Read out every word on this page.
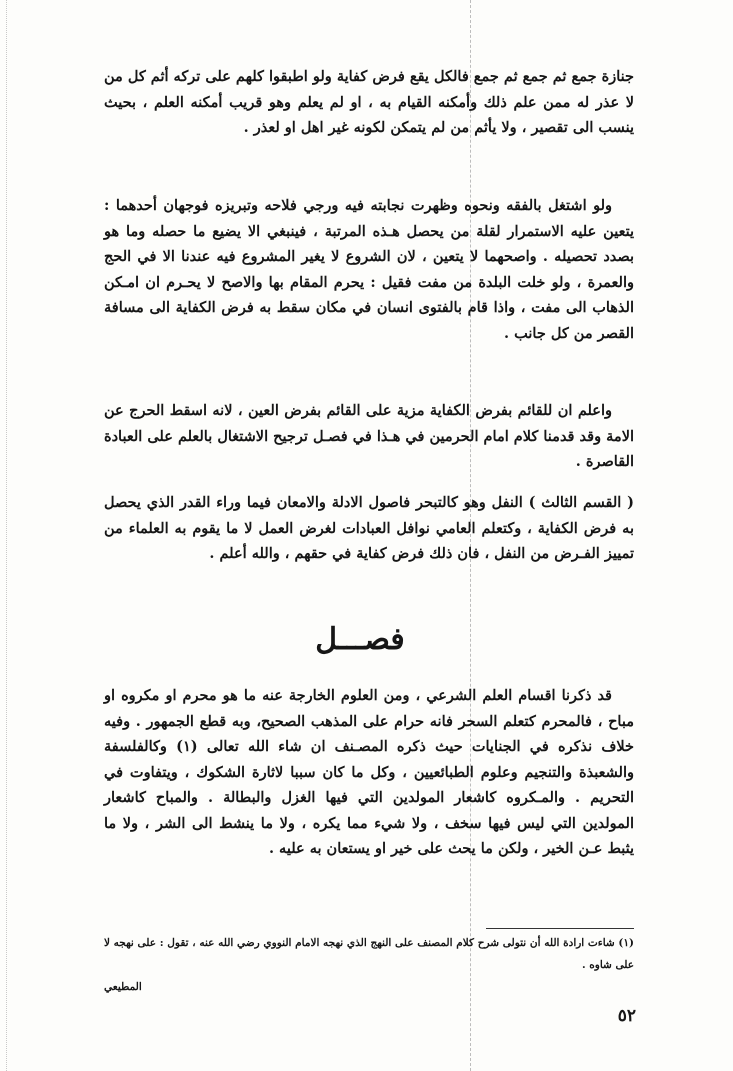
جنازة جمع ثم جمع ثم جمع فالكل يقع فرض كفاية ولو اطبقوا كلهم على تركه أثم كل من لا عذر له ممن علم ذلك وأمكنه القيام به ، او لم يعلم وهو قريب أمكنه العلم ، بحيث ينسب الى تقصير ، ولا يأثم من لم يتمكن لكونه غير اهل او لعذر .

ولو اشتغل بالفقه ونحوه وظهرت نجابته فيه ورجي فلاحه وتبريزه فوجهان أحدهما : يتعين عليه الاستمرار لقلة من يحصل هـذه المرتبة ، فينبغي الا يضيع ما حصله وما هو بصدد تحصيله . واصحهما لا يتعين ، لان الشروع لا يغير المشروع فيه عندنا الا في الحج والعمرة ، ولو خلت البلدة من مفت فقيل : يحرم المقام بها والاصح لا يحـرم ان امـكن الذهاب الى مفت ، واذا قام بالفتوى انسان في مكان سقط به فرض الكفاية الى مسافة القصر من كل جانب .

واعلم ان للقائم بفرض الكفاية مزية على القائم بفرض العين ، لانه اسقط الحرج عن الامة وقد قدمنا كلام امام الحرمين في هـذا في فصـل ترجيح الاشتغال بالعلم على العبادة القاصرة .

( القسم الثالث ) النفل وهو كالتبحر فاصول الادلة والامعان فيما وراء القدر الذي يحصل به فرض الكفاية ، وكتعلم العامي نوافل العبادات لغرض العمل لا ما يقوم به العلماء من تمييز الفـرض من النفل ، فان ذلك فرض كفاية في حقهم ، والله أعلم .

فصـــل

قد ذكرنا اقسام العلم الشرعي ، ومن العلوم الخارجة عنه ما هو محرم او مكروه او مباح ، فالمحرم كتعلم السحر فانه حرام على المذهب الصحيح، وبه قطع الجمهور . وفيه خلاف نذكره في الجنايات حيث ذكره المصـنف ان شاء الله تعالى (١) وكالفلسفة والشعبذة والتنجيم وعلوم الطبائعيين ، وكل ما كان سببا لاثارة الشكوك ، ويتفاوت في التحريم . والمـكروه كاشعار المولدين التي فيها الغزل والبطالة . والمباح كاشعار المولدين التي ليس فيها سخف ، ولا شيء مما يكره ، ولا ما ينشط الى الشر ، ولا ما يثبط عـن الخير ، ولكن ما يحث على خير او يستعان به عليه .

(١) شاءت ارادة الله أن نتولى شرح كلام المصنف على النهج الذي نهجه الامام النووي رضي الله عنه ، تقول : على نهجه لا على شاوه .

المطيعي

٥٢
